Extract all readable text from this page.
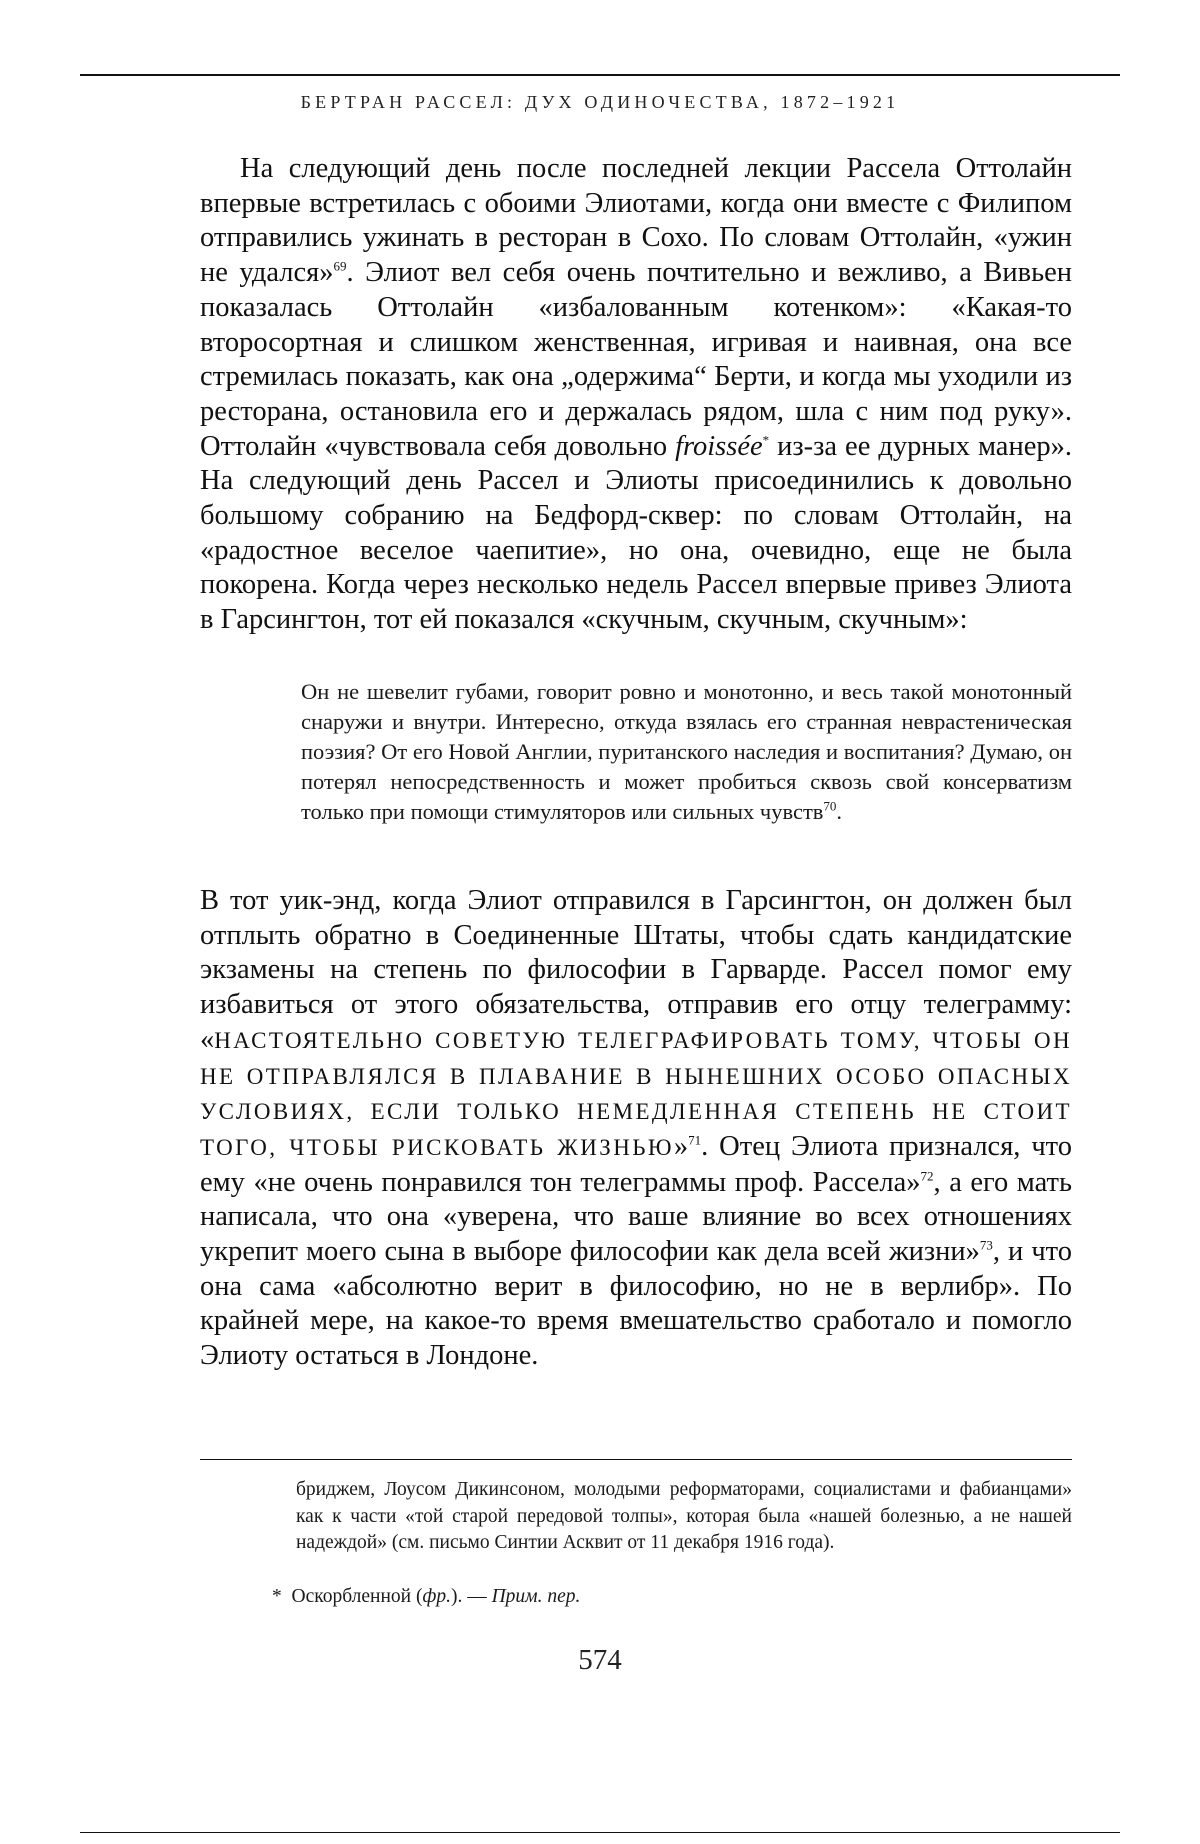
БЕРТРАН РАССЕЛ: ДУХ ОДИНОЧЕСТВА, 1872–1921

На следующий день после последней лекции Рассела Оттолайн впервые встретилась с обоими Элиотами, когда они вместе с Филипом отправились ужинать в ресторан в Сохо. По словам Оттолайн, «ужин не удался»$^{69}$. Элиот вел себя очень почтительно и вежливо, а Вивьен показалась Оттолайн «избалованным котенком»: «Какая-то второсортная и слишком женственная, игривая и наивная, она все стремилась показать, как она „одержима“ Берти, и когда мы уходили из ресторана, остановила его и держалась рядом, шла с ним под руку». Оттолайн «чувствовала себя довольно froissée* из-за ее дурных манер». На следующий день Рассел и Элиоты присоединились к довольно большому собранию на Бедфорд-сквер: по словам Оттолайн, на «радостное веселое чаепитие», но она, очевидно, еще не была покорена. Когда через несколько недель Рассел впервые привез Элиота в Гарсингтон, тот ей показался «скучным, скучным, скучным»:

Он не шевелит губами, говорит ровно и монотонно, и весь такой монотонный снаружи и внутри. Интересно, откуда взялась его странная неврастеническая поэзия? От его Новой Англии, пуританского наследия и воспитания? Думаю, он потерял непосредственность и может пробиться сквозь свой консерватизм только при помощи стимуляторов или сильных чувств$^{70}$.

В тот уик-энд, когда Элиот отправился в Гарсингтон, он должен был отплыть обратно в Соединенные Штаты, чтобы сдать кандидатские экзамены на степень по философии в Гарварде. Рассел помог ему избавиться от этого обязательства, отправив его отцу телеграмму: «НАСТОЯТЕЛЬНО СОВЕТУЮ ТЕЛЕГРАФИРОВАТЬ ТОМУ, ЧТОБЫ ОН НЕ ОТПРАВЛЯЛСЯ В ПЛАВАНИЕ В НЫНЕШНИХ ОСОБО ОПАСНЫХ УСЛОВИЯХ, ЕСЛИ ТОЛЬКО НЕМЕДЛЕННАЯ СТЕПЕНЬ НЕ СТОИТ ТОГО, ЧТОБЫ РИСКОВАТЬ ЖИЗНЬЮ»$^{71}$. Отец Элиота признался, что ему «не очень понравился тон телеграммы проф. Рассела»$^{72}$, а его мать написала, что она «уверена, что ваше влияние во всех отношениях укрепит моего сына в выборе философии как дела всей жизни»$^{73}$, и что она сама «абсолютно верит в философию, но не в верлибр». По крайней мере, на какое-то время вмешательство сработало и помогло Элиоту остаться в Лондоне.

бриджем, Лоусом Дикинсоном, молодыми реформаторами, социалистами и фабианцами» как к части «той старой передовой толпы», которая была «нашей болезнью, а не нашей надеждой» (см. письмо Синтии Асквит от 11 декабря 1916 года).

* Оскорбленной (фр.). — Прим. пер.

574
